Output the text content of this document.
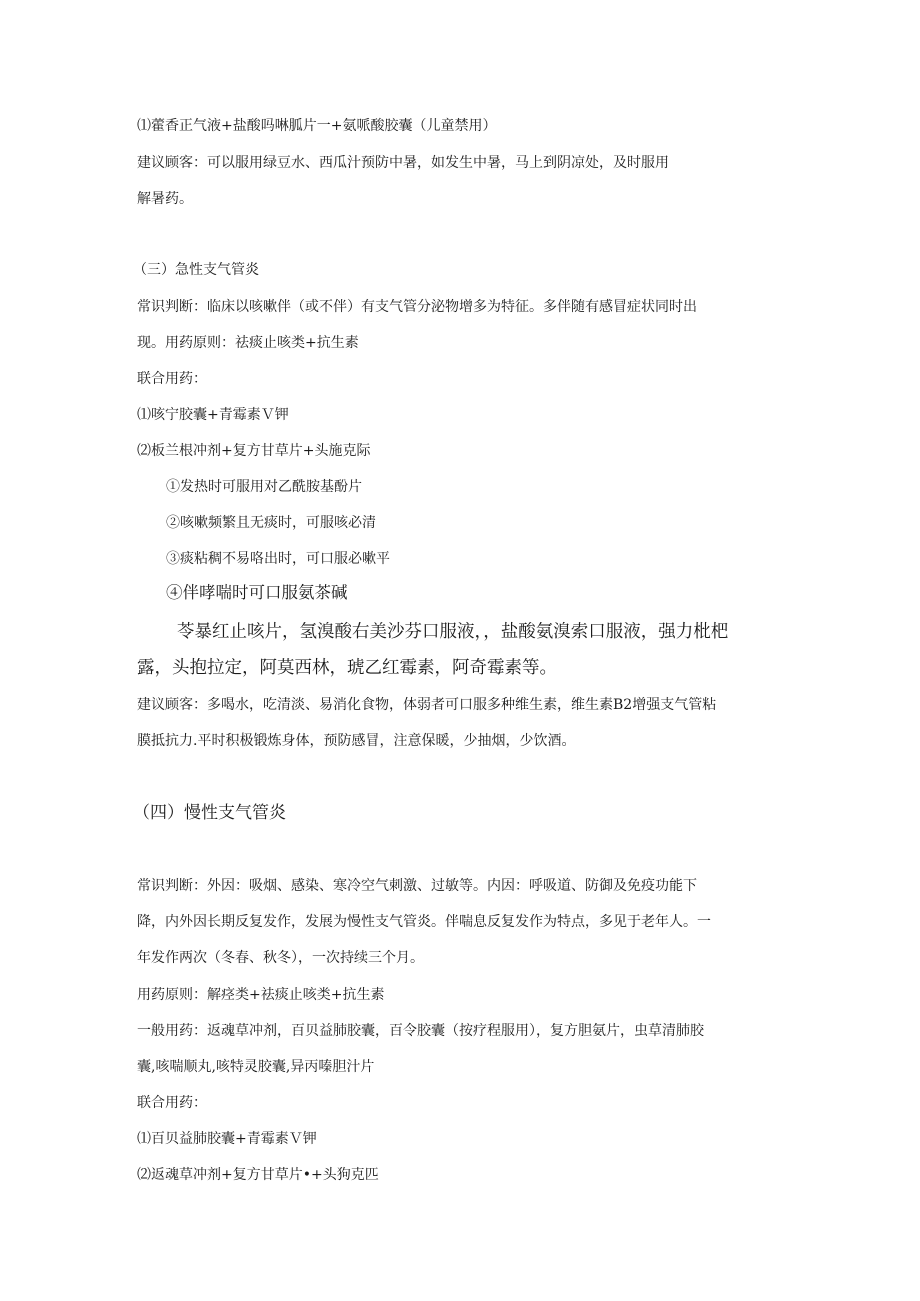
⑴藿香正气液+盐酸吗啉胍片一+氨哌酸胶囊（儿童禁用）
建议顾客：可以服用绿豆水、西瓜汁预防中暑，如发生中暑，马上到阴凉处，及时服用
解暑药。
（三）急性支气管炎
常识判断：临床以咳嗽伴（或不伴）有支气管分泌物增多为特征。多伴随有感冒症状同时出
现。用药原则：祛痰止咳类+抗生素
联合用药：
⑴咳宁胶囊+青霉素Ｖ钾
⑵板兰根冲剂+复方甘草片+头施克际
①发热时可服用对乙酰胺基酚片
②咳嗽频繁且无痰时，可服咳必清
③痰粘稠不易咯出时，可口服必嗽平
④伴哮喘时可口服氨茶碱
苓暴红止咳片，氢溴酸右美沙芬口服液，，盐酸氨溴索口服液，强力枇杷
露，头抱拉定，阿莫西林，琥乙红霉素，阿奇霉素等。
建议顾客：多喝水，吃清淡、易消化食物，体弱者可口服多种维生素，维生素B2增强支气管粘
膜抵抗力.平时积极锻炼身体，预防感冒，注意保暖，少抽烟，少饮酒。
（四）慢性支气管炎
常识判断：外因：吸烟、感染、寒冷空气刺激、过敏等。内因：呼吸道、防御及免疫功能下
降，内外因长期反复发作，发展为慢性支气管炎。伴喘息反复发作为特点，多见于老年人。一
年发作两次（冬春、秋冬），一次持续三个月。
用药原则：解痉类+祛痰止咳类+抗生素
一般用药：返魂草冲剂，百贝益肺胶囊，百令胶囊（按疗程服用），复方胆氨片，虫草清肺胶
囊,咳喘顺丸,咳特灵胶囊,异丙嗪胆汁片
联合用药：
⑴百贝益肺胶囊+青霉素Ｖ钾
⑵返魂草冲剂+复方甘草片•+头狗克匹
